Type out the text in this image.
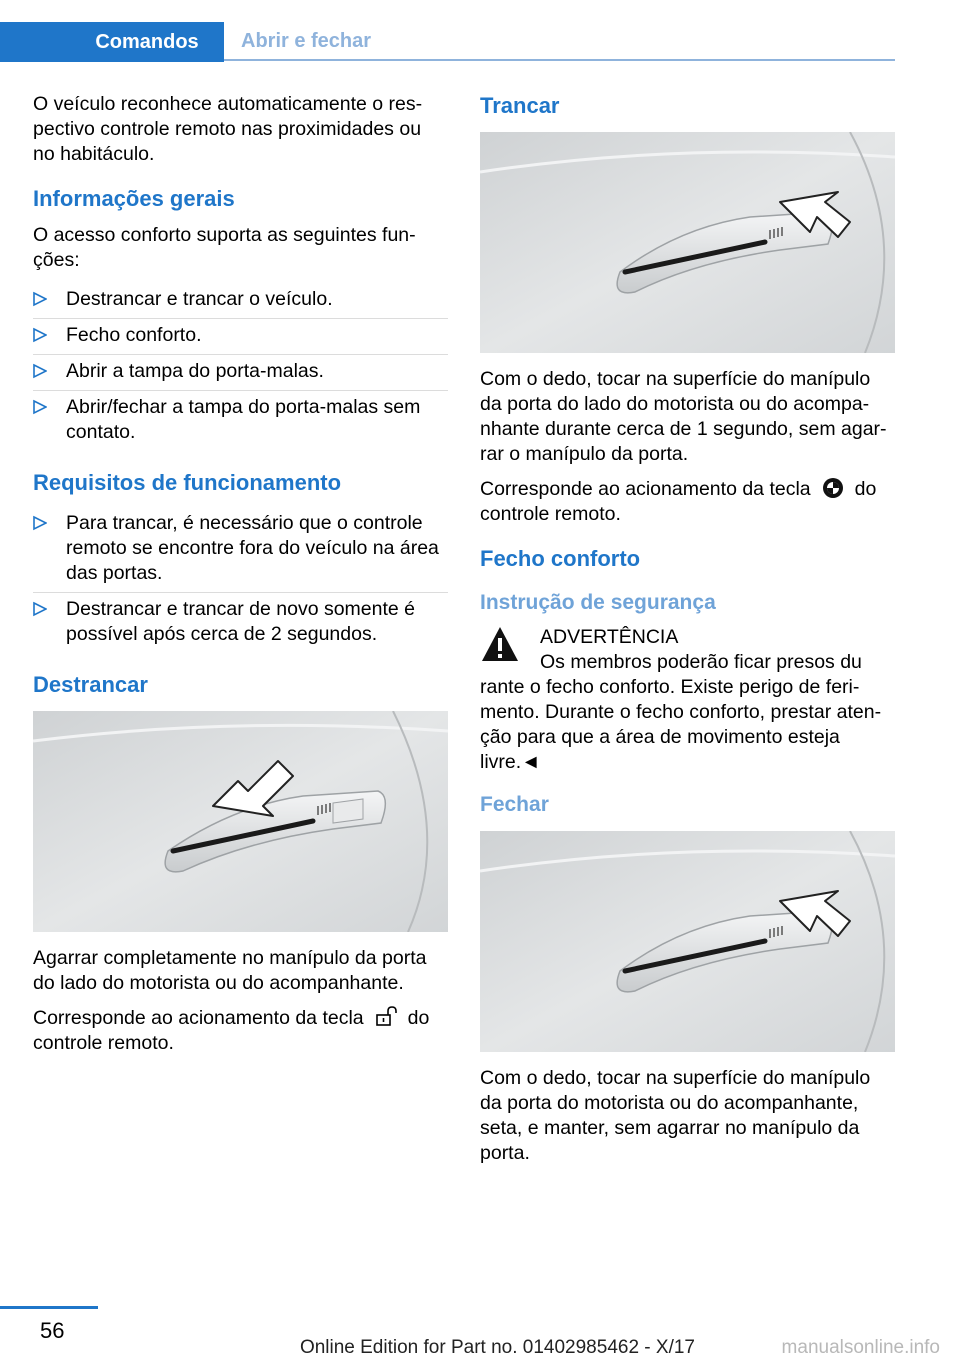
Comandos	Abrir e fechar

O veículo reconhece automaticamente o respectivo controle remoto nas proximidades ou no habitáculo.

Informações gerais

O acesso conforto suporta as seguintes funções:

Destrancar e trancar o veículo.
Fecho conforto.
Abrir a tampa do porta-malas.
Abrir/fechar a tampa do porta-malas sem contato.
Requisitos de funcionamento
Para trancar, é necessário que o controle remoto se encontre fora do veículo na área das portas.
Destrancar e trancar de novo somente é possível após cerca de 2 segundos.
Destrancar

Agarrar completamente no manípulo da porta do lado do motorista ou do acompanhante.

Corresponde ao acionamento da tecla do controle remoto.

Trancar

Com o dedo, tocar na superfície do manípulo da porta do lado do motorista ou do acompanhante durante cerca de 1 segundo, sem agarrar o manípulo da porta.

Corresponde ao acionamento da tecla do controle remoto.

Fecho conforto
Instrução de segurança
ADVERTÊNCIA
Os membros poderão ficar presos du

rante o fecho conforto. Existe perigo de ferimento. Durante o fecho conforto, prestar atenção para que a área de movimento esteja livre.◄

Fechar

Com o dedo, tocar na superfície do manípulo da porta do motorista ou do acompanhante, seta, e manter, sem agarrar no manípulo da porta.

56
Online Edition for Part no. 01402985462 - X/17	manualsonline.info
